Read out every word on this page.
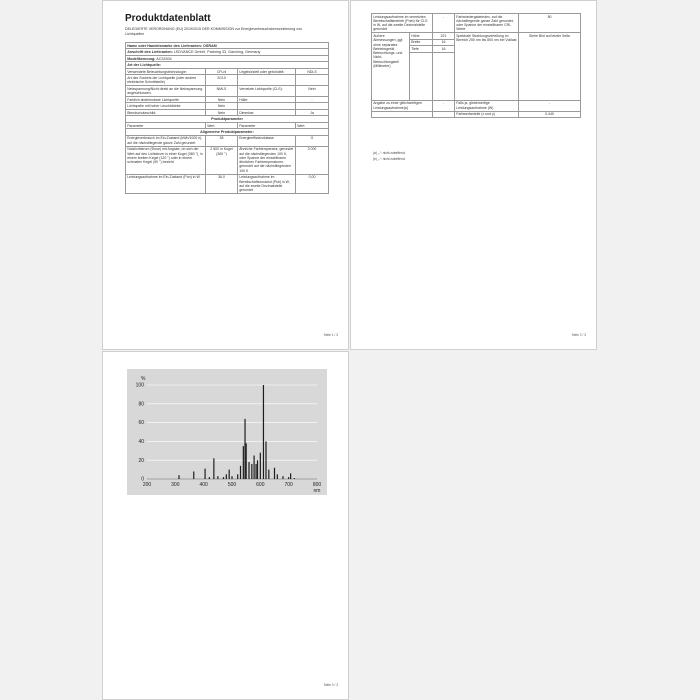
Produktdatenblatt
DELEGIERTE VERORDNUNG (EU) 2019/2015 DER KOMMISSION zur Energieverbrauchskennzeichnung von Lichtquellen
Name oder Handelsmarke des Lieferanten: OSRAM			
Anschrift des Lieferanten: LEDVANCE GmbH, Parkring 33, Garching, Germany			
Modellkennung: AC34304			
Art der Lichtquelle:			
Verwendete Beleuchtungstechnologie:	CFLni	Ungebündelt oder gebündelt:	NDLS
Art des Sockels der Lichtquelle (oder andere elektrische Schnittstelle)	2G10		
Netzspannung/Nicht direkt an die Netzspannung angeschlossen:	NMLS	Vernetzte Lichtquelle (CLS):	Nein
Farblich abstimmbare Lichtquelle:	Nein	Hülle:	-
Lichtquelle mit hoher Leuchtdichte:	Nein		
Blendschutzschild:	Nein	Dimmbar:	Ja
Produktparameter			
Parameter	Wert	Parameter	Wert
Allgemeine Produktparameter:			
Energieverbrauch im Ein-Zustand (kWh/1000 h), auf die nächstliegende ganze Zahl gerundet	38	Energieeffizienzklasse	G
Nutzlichtstrom (Φuse) mit Angabe, ob sich der Wert auf den Lichtstrom in einer Kugel (360 °), in einem breiten Kegel (120 °) oder in einem schmalen Kegel (90 °) bezieht	2 600 in Kugel (360 °)	Ähnliche Farbtemperatur, gerundet auf die nächstliegenden 100 K, oder Spanne der einstellbaren ähnlichen Farbtemperaturen, gerundet auf die nächstliegenden 100 K	3 000
Leistungsaufnahme im Ein-Zustand (Pon) in W	36,0	Leistungsaufnahme im Bereitschaftszustand (Psb) in W, auf die zweite Dezimalstelle gerundet	0,00
Seite 1 / 3
Leistungsaufnahme im vernetzten Bereitschaftsbetrieb (Pnet) für CLS in W, auf die zweite Dezimalstelle gerundet		-	Farbwiedergabeindex, auf die nächstliegende ganze Zahl gerundet, oder Spanne der einstellbaren CRI-Werte	80
Äußere Abmessungen, ggf. ohne separates Betriebsgerät, Beleuchtungs- und Nicht-Beleuchtungsteil (Millimeter)	Höhe	221	Spektrale Strahlungsverteilung im Bereich 250 nm bis 800 nm bei Volllast	Siehe Bild auf letzter Seite
	Breite	16		
	Tiefe	16		

Angabe zu einer gleichwertigen Leistungsaufnahme(a)		-	Falls ja, gleichwertige Leistungsaufnahme (W)	-
			Farbwertanteile (x und y)	0,440
(a) „-“: nicht zutreffend;
(b) „-“: nicht zutreffend;
Seite 2 / 3
0
20
40
60
80
100
200	300	400	500	600	700	800
%
nm
Seite 3 / 3
